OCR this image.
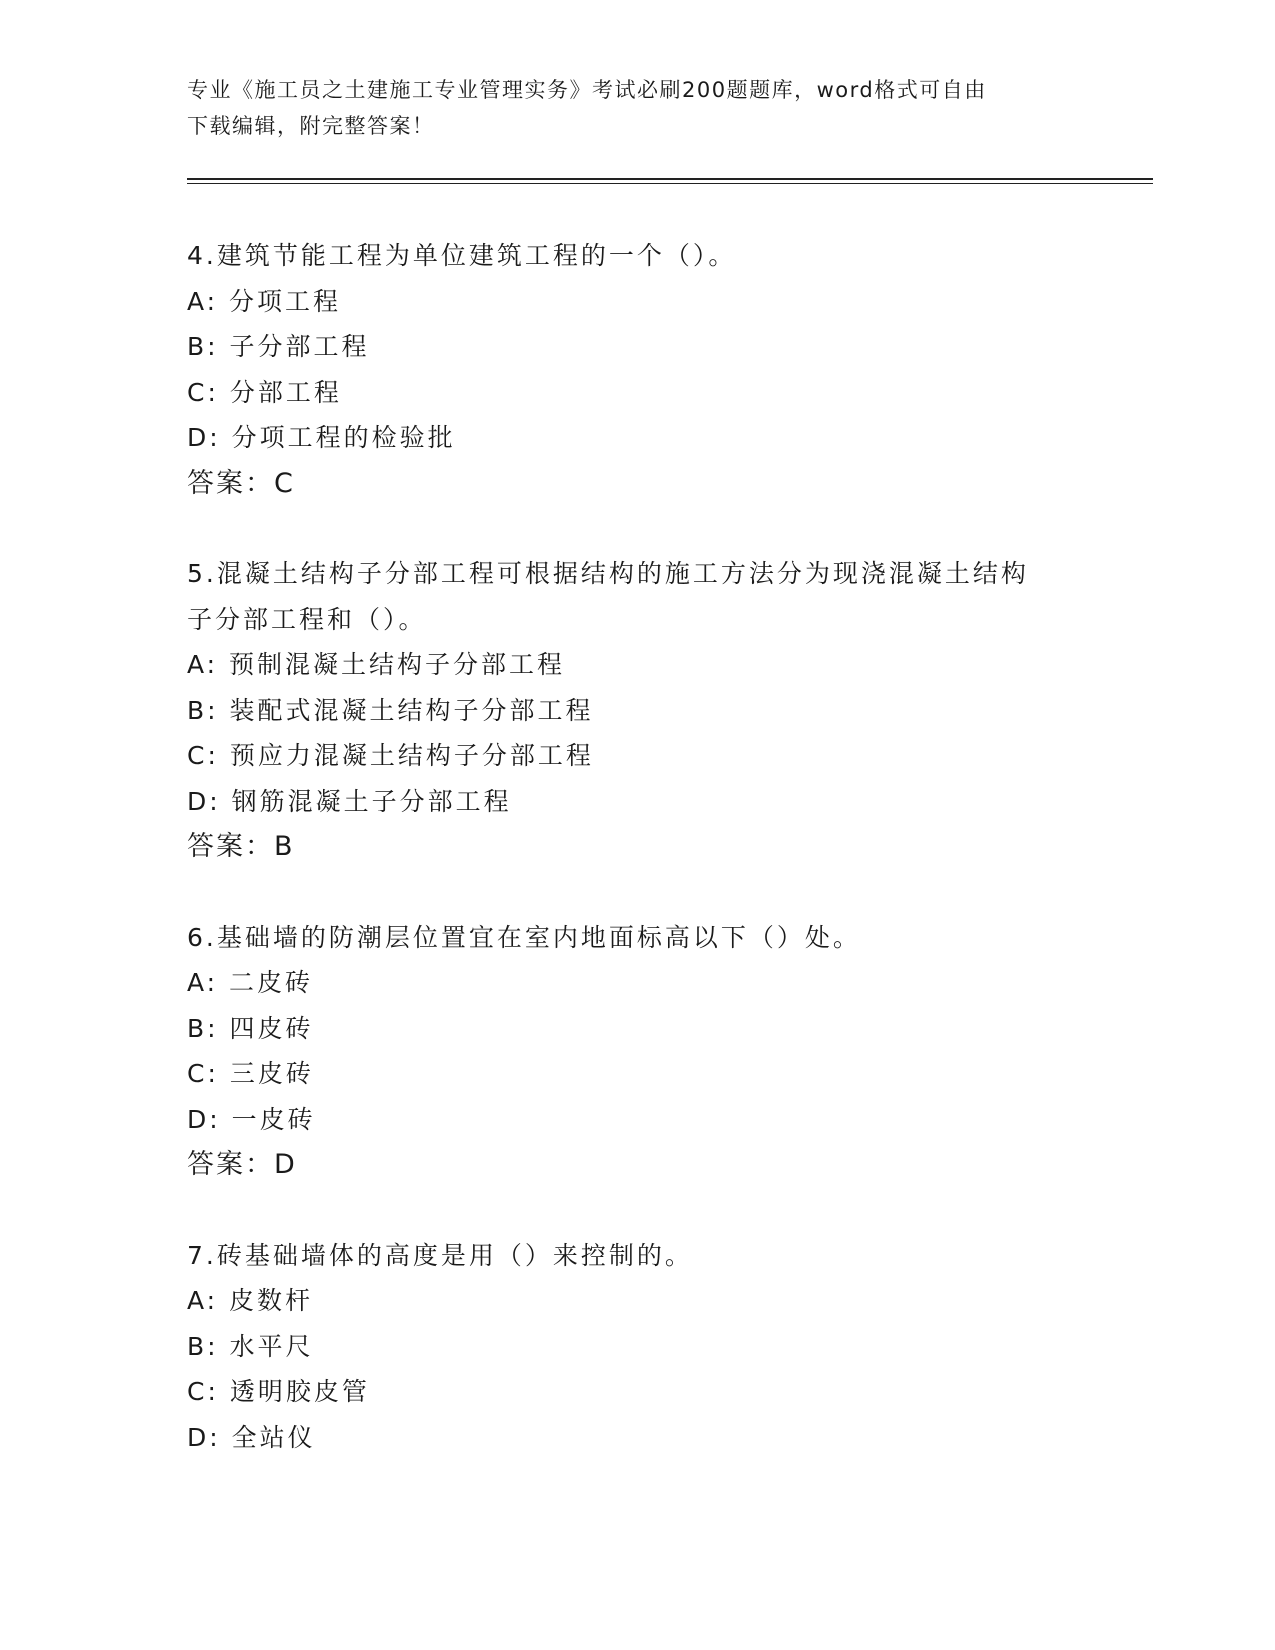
专业《施工员之土建施工专业管理实务》考试必刷200题题库，word格式可自由
下载编辑，附完整答案！
4.建筑节能工程为单位建筑工程的一个（）。
A: 分项工程
B: 子分部工程
C: 分部工程
D: 分项工程的检验批
答案：C
5.混凝土结构子分部工程可根据结构的施工方法分为现浇混凝土结构
子分部工程和（）。
A: 预制混凝土结构子分部工程
B: 装配式混凝土结构子分部工程
C: 预应力混凝土结构子分部工程
D: 钢筋混凝土子分部工程
答案：B
6.基础墙的防潮层位置宜在室内地面标高以下（）处。
A: 二皮砖
B: 四皮砖
C: 三皮砖
D: 一皮砖
答案：D
7.砖基础墙体的高度是用（）来控制的。
A: 皮数杆
B: 水平尺
C: 透明胶皮管
D: 全站仪
